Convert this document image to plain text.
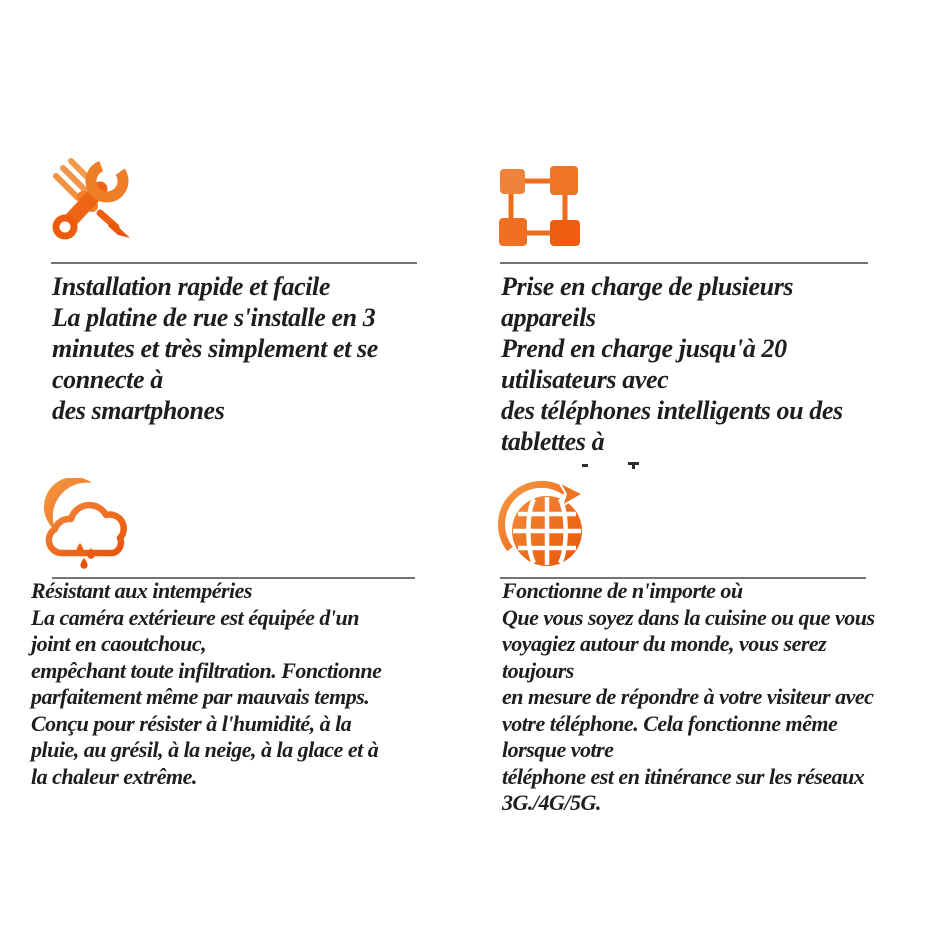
Installation rapide et facile
La platine de rue s'installe en 3
minutes et très simplement et se
connecte à
des smartphones
Prise en charge de plusieurs
appareils
Prend en charge jusqu'à 20
utilisateurs avec
des téléphones intelligents ou des
tablettes à
Résistant aux intempéries
La caméra extérieure est équipée d'un
joint en caoutchouc,
empêchant toute infiltration. Fonctionne
parfaitement même par mauvais temps.
Conçu pour résister à l'humidité, à la
pluie, au grésil, à la neige, à la glace et à
la chaleur extrême.
Fonctionne de n'importe où
Que vous soyez dans la cuisine ou que vous
voyagiez autour du monde, vous serez
toujours
en mesure de répondre à votre visiteur avec
votre téléphone. Cela fonctionne même
lorsque votre
téléphone est en itinérance sur les réseaux
3G./4G/5G.
